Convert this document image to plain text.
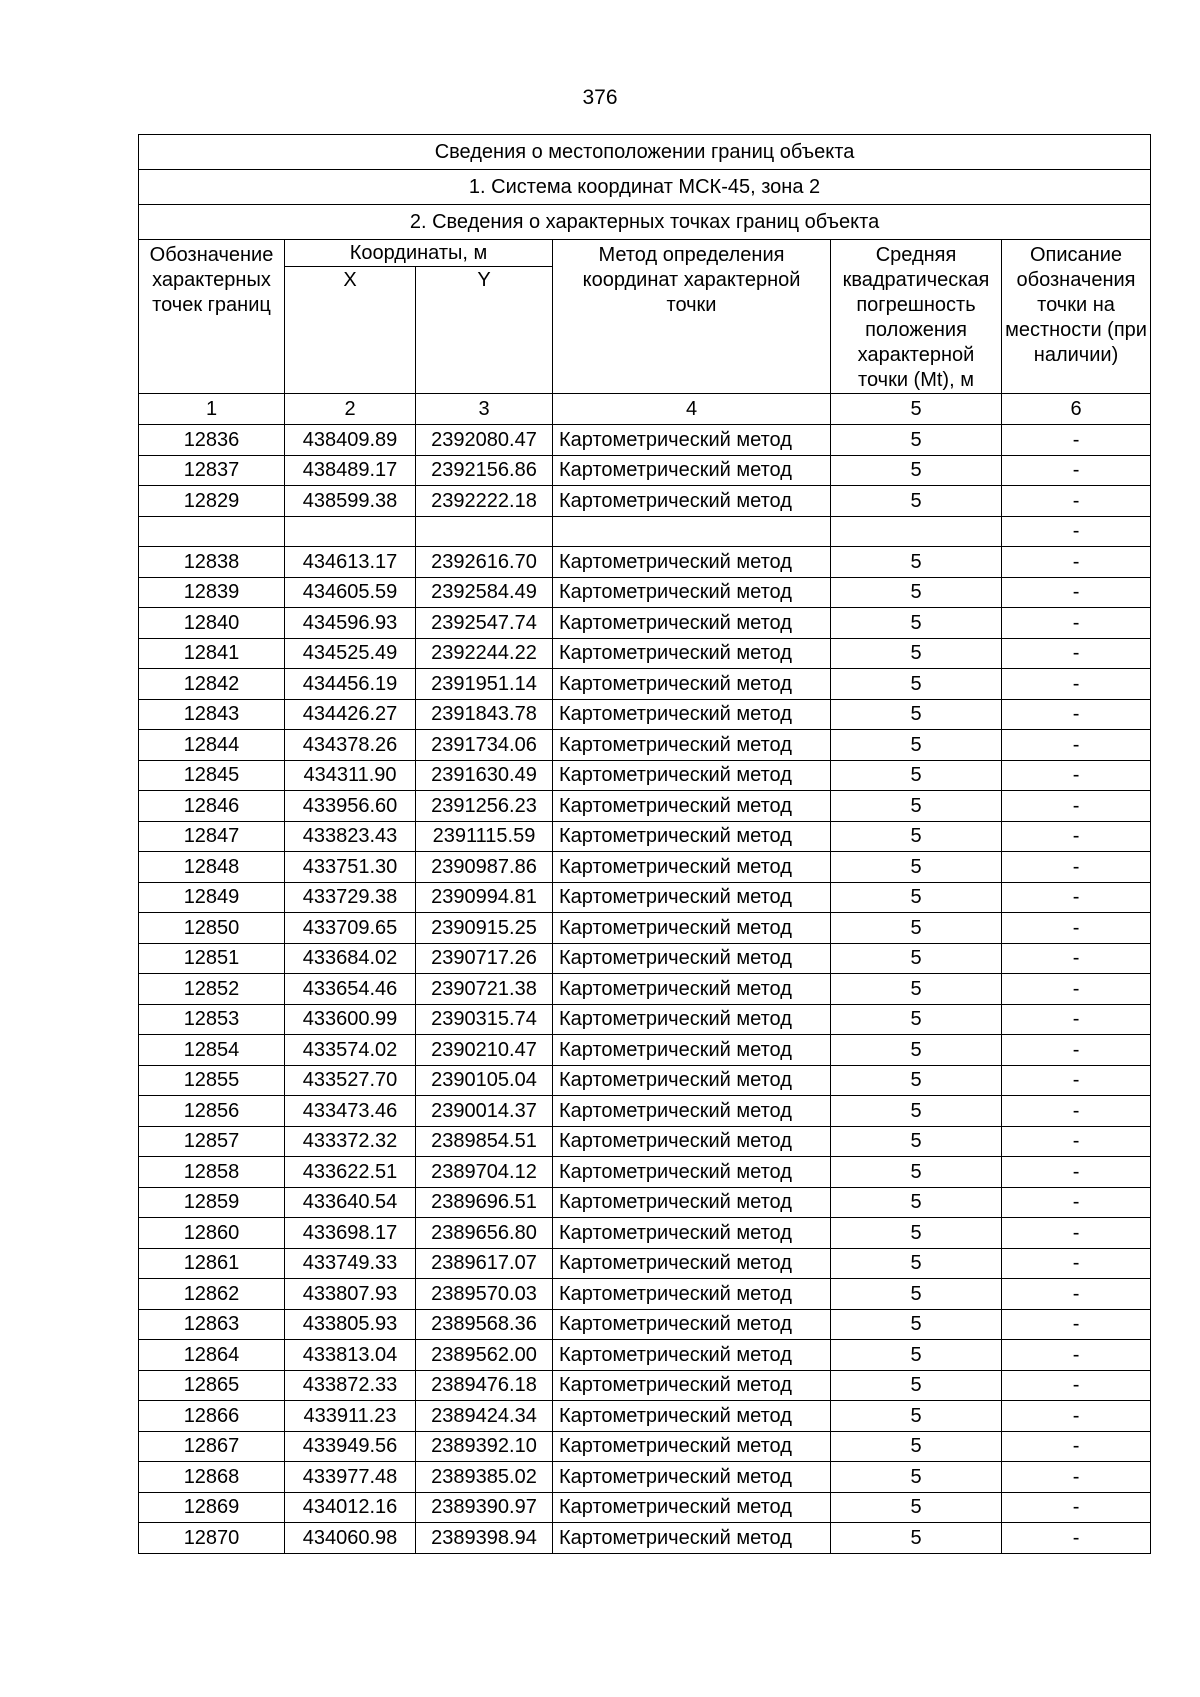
376
Сведения о местоположении границ объекта					
1. Система координат МСК-45, зона 2					
2. Сведения о характерных точках границ объекта					
Обозначение характерных точек границ	Координаты, м		Метод определения координат характерной точки	Средняя квадратическая погрешность положения характерной точки (Mt), м	Описание обозначения точки на местности (при наличии)
	X	Y			
1	2	3	4	5	6
12836	438409.89	2392080.47	Картометрический метод	5	-
12837	438489.17	2392156.86	Картометрический метод	5	-
12829	438599.38	2392222.18	Картометрический метод	5	-
					-
12838	434613.17	2392616.70	Картометрический метод	5	-
12839	434605.59	2392584.49	Картометрический метод	5	-
12840	434596.93	2392547.74	Картометрический метод	5	-
12841	434525.49	2392244.22	Картометрический метод	5	-
12842	434456.19	2391951.14	Картометрический метод	5	-
12843	434426.27	2391843.78	Картометрический метод	5	-
12844	434378.26	2391734.06	Картометрический метод	5	-
12845	434311.90	2391630.49	Картометрический метод	5	-
12846	433956.60	2391256.23	Картометрический метод	5	-
12847	433823.43	2391115.59	Картометрический метод	5	-
12848	433751.30	2390987.86	Картометрический метод	5	-
12849	433729.38	2390994.81	Картометрический метод	5	-
12850	433709.65	2390915.25	Картометрический метод	5	-
12851	433684.02	2390717.26	Картометрический метод	5	-
12852	433654.46	2390721.38	Картометрический метод	5	-
12853	433600.99	2390315.74	Картометрический метод	5	-
12854	433574.02	2390210.47	Картометрический метод	5	-
12855	433527.70	2390105.04	Картометрический метод	5	-
12856	433473.46	2390014.37	Картометрический метод	5	-
12857	433372.32	2389854.51	Картометрический метод	5	-
12858	433622.51	2389704.12	Картометрический метод	5	-
12859	433640.54	2389696.51	Картометрический метод	5	-
12860	433698.17	2389656.80	Картометрический метод	5	-
12861	433749.33	2389617.07	Картометрический метод	5	-
12862	433807.93	2389570.03	Картометрический метод	5	-
12863	433805.93	2389568.36	Картометрический метод	5	-
12864	433813.04	2389562.00	Картометрический метод	5	-
12865	433872.33	2389476.18	Картометрический метод	5	-
12866	433911.23	2389424.34	Картометрический метод	5	-
12867	433949.56	2389392.10	Картометрический метод	5	-
12868	433977.48	2389385.02	Картометрический метод	5	-
12869	434012.16	2389390.97	Картометрический метод	5	-
12870	434060.98	2389398.94	Картометрический метод	5	-
